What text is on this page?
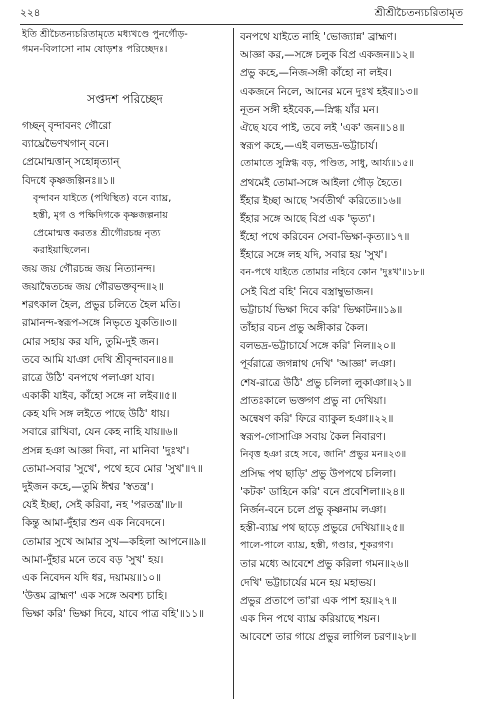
২২৪	শ্রীশ্রীচৈতন্যচরিতামৃত
ইতি শ্রীচৈতন্যচরিতামৃতে মধ্যখণ্ডে পুনর্গৌড়-
গমন-বিলাসো নাম ষোড়শঃ পরিচ্ছেদঃ।
সপ্তদশ পরিচ্ছেদ
গচ্ছন্ বৃন্দাবনং গৌরো
ব্যাঘ্রেভৈণখগান্ বনে।
প্রেমোন্মত্তান্ সহোন্নৃত্যান্
বিদধে কৃষ্ণজল্পিনঃ॥১॥
বৃন্দাবন যাইতে (পথিস্থিত) বনে ব্যাঘ্র,
হস্তী, মৃগ ও পক্ষিদিগকে কৃষ্ণজল্পনায়
প্রেমোন্মত্ত করতঃ শ্রীগৌরচন্দ্র নৃত্য
করাইয়াছিলেন।
জয় জয় গৌরচন্দ্র জয় নিত্যানন্দ।
জয়াদ্বৈতচন্দ্র জয় গৌরভক্তবৃন্দ॥২॥
শরৎকাল হৈল, প্রভুর চলিতে হৈল মতি।
রামানন্দ-স্বরূপ-সঙ্গে নিভৃতে যুকতি॥৩॥
মোর সহায় কর যদি, তুমি-দুই জন।
তবে আমি যাঞা দেখি শ্রীবৃন্দাবন॥৪॥
রাত্রে উঠি' বনপথে পলাঞা যাব।
একাকী যাইব, কাঁহো সঙ্গে না লইব॥৫॥
কেহ যদি সঙ্গ লইতে পাছে উঠি' ধায়।
সবারে রাখিবা, যেন কেহ নাহি যায়॥৬॥
প্রসন্ন হঞা আজ্ঞা দিবা, না মানিবা 'দুঃখ'।
তোমা-সবার 'সুখে', পথে হবে মোর 'সুখ'॥৭॥
দুইজন কহে,—তুমি ঈশ্বর 'স্বতন্ত্র'।
যেই ইচ্ছা, সেই করিবা, নহ 'পরতন্ত্র'॥৮॥
কিন্তু আমা-দুঁহার শুন এক নিবেদনে।
তোমার সুখে আমার সুখ—কহিলা আপনে॥৯॥
আমা-দুঁহার মনে তবে বড় 'সুখ' হয়।
এক নিবেদন যদি ধর, দয়াময়॥১০॥
'উত্তম ব্রাহ্মণ' এক সঙ্গে অবশ্য চাহি।
ভিক্ষা করি' ভিক্ষা দিবে, যাবে পাত্র বহি'॥১১॥
বনপথে যাইতে নাহি 'ভোজ্যান্ন' ব্রাহ্মণ।
আজ্ঞা কর,—সঙ্গে চলুক বিপ্র একজন॥১২॥
প্রভু কহে,—নিজ-সঙ্গী কাঁহো না লইব।
একজনে নিলে, আনের মনে দুঃখ হইব॥১৩॥
নূতন সঙ্গী হইবেক,—স্নিগ্ধ যাঁর মন।
ঐছে যবে পাই, তবে লই 'এক' জন॥১৪॥
স্বরূপ কহে,—এই বলভদ্র-ভট্টাচার্য।
তোমাতে সুস্নিগ্ধ বড়, পণ্ডিত, সাধু, আর্য্য॥১৫॥
প্রথমেই তোমা-সঙ্গে আইলা গৌড় হৈতে।
ইঁহার ইচ্ছা আছে 'সর্বতীর্থ' করিতে॥১৬॥
ইঁহার সঙ্গে আছে বিপ্র এক 'ভৃত্য'।
ইঁহো পথে করিবেন সেবা-ভিক্ষা-কৃত্য॥১৭॥
ইঁহারে সঙ্গে লহ যদি, সবার হয় 'সুখ'।
বন-পথে যাইতে তোমার নহিবে কোন 'দুঃখ'॥১৮॥
সেই বিপ্র বহি' নিবে বস্ত্রাম্বুভাজন।
ভট্টাচার্য ভিক্ষা দিবে করি' ভিক্ষাটন॥১৯॥
তাঁহার বচন প্রভু অঙ্গীকার কৈল।
বলভদ্র-ভট্টাচার্যে সঙ্গে করি' নিল॥২০॥
পূর্বরাত্রে জগন্নাথ দেখি' 'আজ্ঞা' লঞা।
শেষ-রাত্রে উঠি' প্রভু চলিলা লুকাঞা॥২১॥
প্রাতঃকালে ভক্তগণ প্রভু না দেখিয়া।
অন্বেষণ করি' ফিরে ব্যাকুল হঞা॥২২॥
স্বরূপ-গোসাঞি সবায় কৈল নিবারণ।
নিবৃত্ত হঞা রহে সবে, জানি' প্রভুর মন॥২৩॥
প্রসিদ্ধ পথ ছাড়ি' প্রভু উপপথে চলিলা।
'কটক' ডাহিনে করি' বনে প্রবেশিলা॥২৪॥
নির্জন-বনে চলে প্রভু কৃষ্ণনাম লঞা।
হস্তী-ব্যাঘ্র পথ ছাড়ে প্রভুরে দেখিয়া॥২৫॥
পালে-পালে ব্যাঘ্র, হস্তী, গণ্ডার, শূকরগণ।
তার মধ্যে আবেশে প্রভু করিলা গমন॥২৬॥
দেখি' ভট্টাচার্যের মনে হয় মহাভয়।
প্রভুর প্রতাপে তা'রা এক পাশ হয়॥২৭॥
এক দিন পথে ব্যাঘ্র করিয়াছে শয়ন।
আবেশে তার গায়ে প্রভুর লাগিল চরণ॥২৮॥
